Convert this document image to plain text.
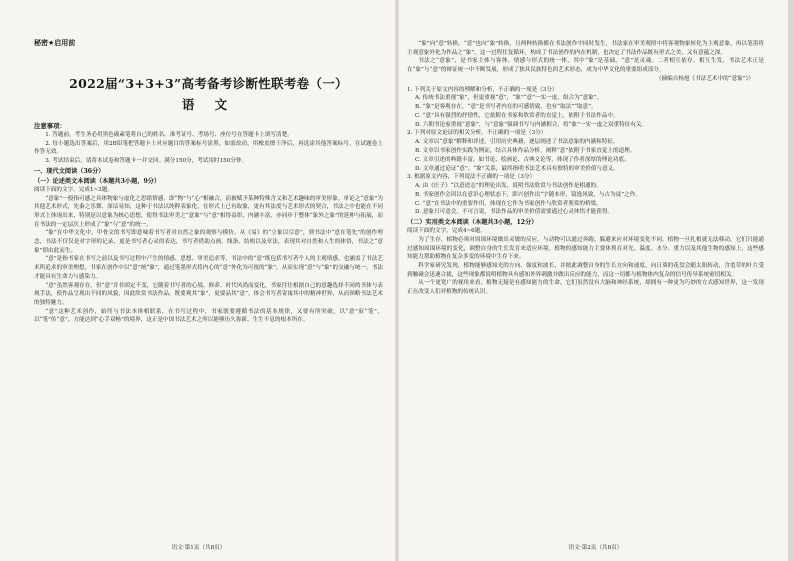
秘密★启用前
2022届“3+3+3”高考备考诊断性联考卷（一）
语 文
注意事项：

1. 答题前，考生务必用黑色碳素笔将自己的姓名、准考证号、考场号、座位号在答题卡上填写清楚。

2. 每小题选出答案后，用2B铅笔把答题卡上对应题目的答案标号涂黑。如需改动，用橡皮擦干净后，再选涂其他答案标号。在试题卷上作答无效。

3. 考试结束后，请将本试卷和答题卡一并交回。满分150分，考试用时150分钟。

一、现代文阅读（36分）

（一）论述类文本阅读（本题共3小题，9分）

阅读下面的文字，完成1~3题。

“意象”一般指可感之具体物象与虚化之思绪情感，即“物”与“心”相融合，而被赋予某种特殊含义和艺术趣味的审美形象。单论之“意象”为其他艺术形式，先秦之乐舞、深谙易知，这种于书法以纯粹表象化，在形式上已有取象，更有其法度与艺术形式的契合，书法之中也能在不同形式上体现出来，特别是以意象为核心思想，使得书法审美之“意象”与“意”相得益彰，内涵丰富，亦同步于整体“象外之象”的延伸与拓展，而在书法的一定层次上形成了“象”与“意”的统一。

“象”在中华文化中，甲骨文的书写即意味着书写者对自然之象的观察与模仿。从《易》的“立象以尽意”，到书法中“意在笔先”的创作理念，书法不仅仅是对字形的记录，更是书写者心灵的表达，书写者借助点画、线条、结构以及章法，表现其对自然和人生的体悟，书法之“意象”即由此而生。

“意”是指书家在书写之前以及书写过程中产生的情感、思想、审美追求等，书法中的“意”既包括书写者个人的主观情感，也涵盖了书法艺术所追求的审美理想，书家在创作中以“意”统“象”，通过笔墨形式将内心的“意”外化为可视的“象”，从而实现“意”与“象”的交融与统一，书法才能具有生命力与感染力。

“意”虽然客观存在，但“意”并非固定不变，它随着书写者的心境、修养、时代风尚而变化，书家往往根据自己的意趣选择不同的书体与表现手法，使作品呈现出不同的风貌，因此欣赏书法作品，既要观其“象”，更要品其“意”，体会书写者寄寓其中的精神世界，从而领略书法艺术的独特魅力。

“意”这种艺术创作，始终与书法本体相联系，在书写过程中，书家既要遵循书法的基本规律，又要有所突破，以“意”驭“笔”，以“笔”传“意”，方能达到“心手双畅”的境界，这正是中国书法艺术之所以能够历久弥新、生生不息的根本所在。

语文·第1页（共8页）

“象”向“意”转换，“意”也向“象”转换，且两种转换都在书法创作中同时发生，书法家在审美观照中将客观物象转化为主观意象，再以笔墨将主观意象外化为作品之“象”，这一过程往复循环，构成了书法创作的内在机制，也决定了书法作品既有形式之美，又有意蕴之深。

书法之“意象”，是书家主体与客体、情感与形式的统一体，其中“象”是基础，“意”是灵魂，二者相互依存、相互生发，书法艺术正是在“象”与“意”的辩证统一中不断发展，形成了独具民族特色的艺术形态，成为中华文化的重要组成部分。

（摘编自杨旭《书法艺术中的“意象”》）

1. 下列关于原文内容的理解和分析，不正确的一项是（3分）

A. 传统书法重视“象”，但更重视“意”，“象”“意”一实一虚，组合为“意象”。

B. “象”是客观存在，“意”是书写者内在的可感情致，也有“取法”“取意”。

C. “意”具有强烈的抒情性，它依附在书家和欣赏者的直觉上，依附于书法作品中。

D. 六朝书论家重视“意象”，与“意象”强调书写与内涵相合，将“象”一实一虚之双重特征有关。

2. 下列对原文论证的相关分析，不正确的一项是（3分）

A. 文章以“意象”解释和评述，引用历史典籍，逐层阐述了书法意象的内涵和特征。

B. 文章以书家创作实践为例证，结合具体作品分析，阐释“意”依附于书家直觉上的道理。

C. 文章引述的典籍丰富，如书论、绘画论、古典文论等，体现了作者深厚的理论功底。

D. 文章通过论证“意”、“象”关系，最终指明书法艺术具有独特的审美价值与意义。

3. 根据原文内容，下列说法不正确的一项是（3分）

A. 由《庄子》“以意逆志”的理论出发，说明书法欣赏与书法创作是相通的。

B. 书家创作会因以在意识心理状态下，即兴创作出“字随本形，镜逸风致，与古为徒”之作。

C. “意”在书法中的重要作用，体现在它作为书家创作与欣赏者鉴赏的桥梁。

D. 意象只可意会，不可言说，书法作品的审美价值需要通过心灵体悟才能获得。

（二）实用类文本阅读（本题共3小题，12分）

阅读下面的文字，完成4~6题。

为了生存，植物必须对周围环境做出灵敏的反应。与动物可以通过奔跑、躲避来应对环境变化不同，植物一旦扎根就无法移动，它们只能通过感知周围环境的变化，调整自身的生长发育来适应环境。植物的感知能力主要体现在对光、温度、水分、重力以及其他生物的感知上，这些感知能力帮助植物在复杂多变的环境中生存下来。

科学家研究发现，植物能够感知光的方向、强度和波长，并据此调整自身的生长方向和速度。向日葵的花盘会随太阳转动，含羞草的叶片受到触碰会迅速合拢，这些现象都说明植物具有感知外界刺激并做出反应的能力，而这一切都与植物体内复杂的信号传导系统密切相关。

从一个更宽广的视角来看，植物无疑是有感知能力的生命，它们虽然没有大脑和神经系统，却拥有一种更为巧妙的方式感知世界，这一发现正在改变人们对植物的传统认识。

语文·第2页（共8页）
